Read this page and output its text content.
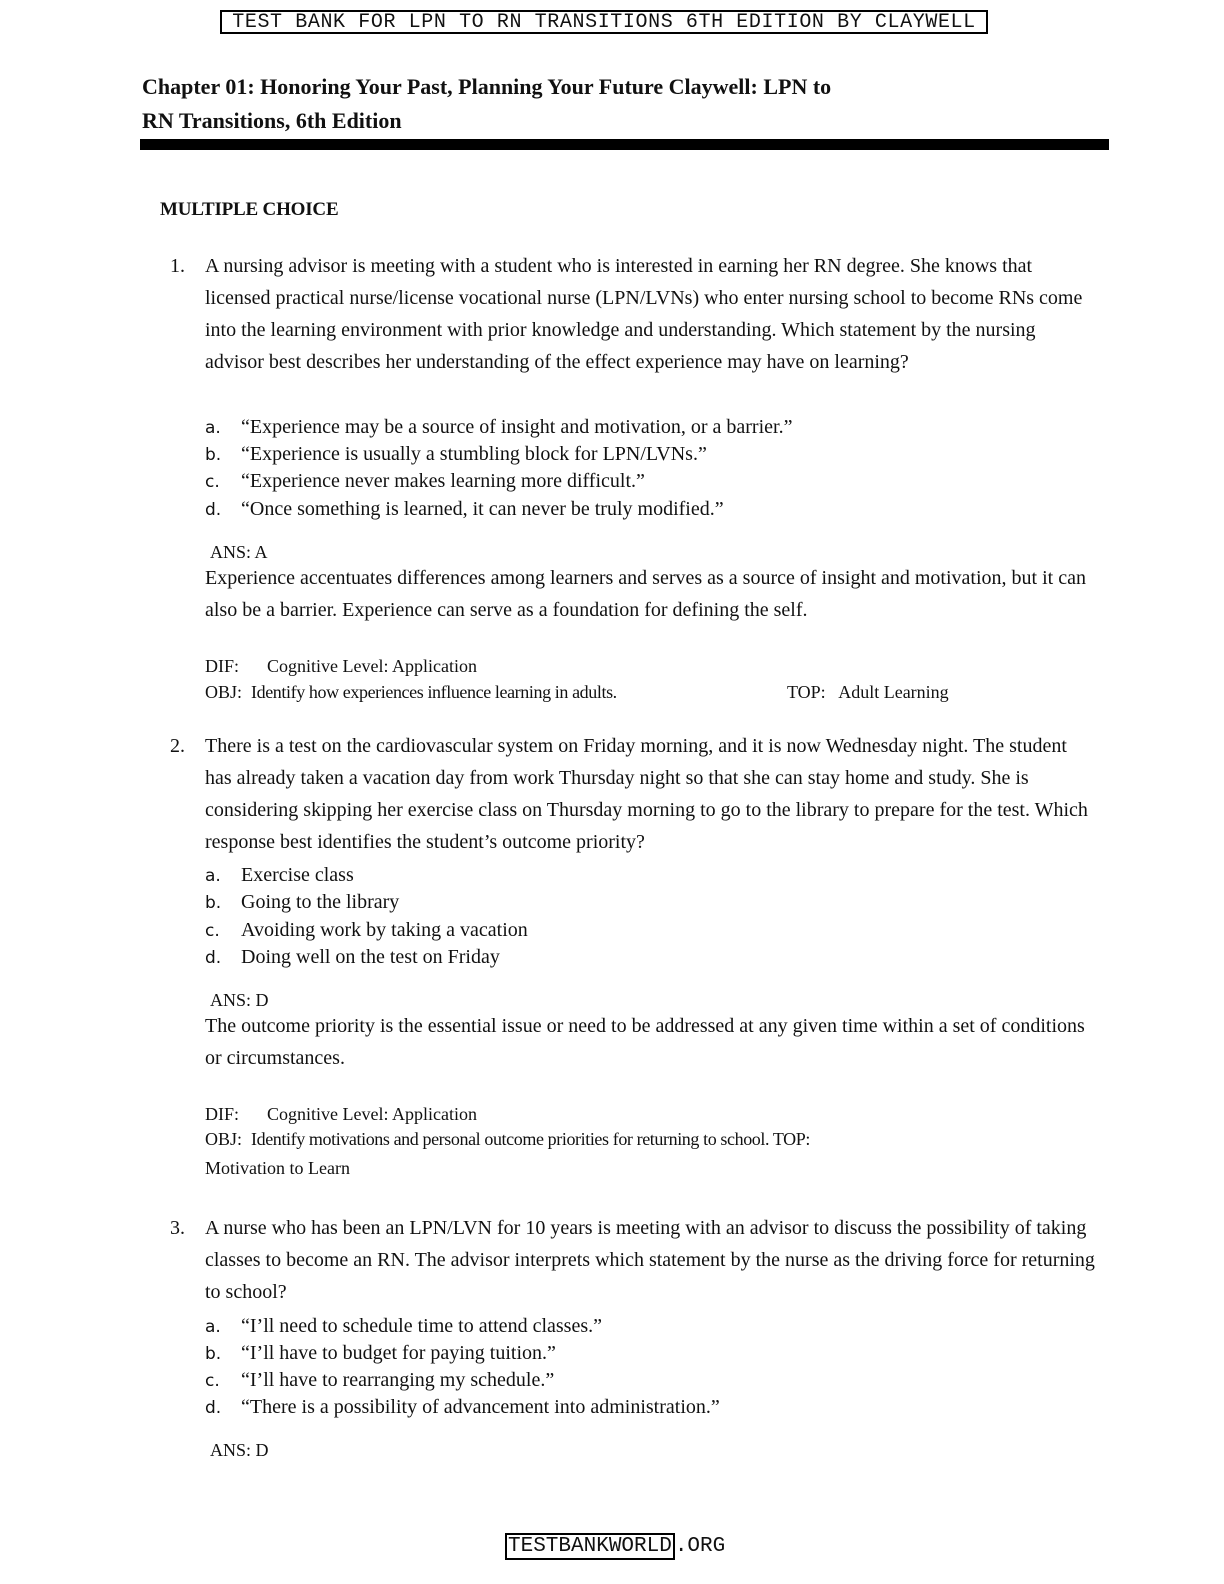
TEST BANK FOR LPN TO RN TRANSITIONS 6TH EDITION BY CLAYWELL
Chapter 01: Honoring Your Past, Planning Your Future Claywell: LPN to
RN Transitions, 6th Edition
MULTIPLE CHOICE
1. A nursing advisor is meeting with a student who is interested in earning her RN degree. She knows that licensed practical nurse/license vocational nurse (LPN/LVNs) who enter nursing school to become RNs come into the learning environment with prior knowledge and understanding. Which statement by the nursing advisor best describes her understanding of the effect experience may have on learning?

a. “Experience may be a source of insight and motivation, or a barrier.”
b. “Experience is usually a stumbling block for LPN/LVNs.”
c. “Experience never makes learning more difficult.”
d. “Once something is learned, it can never be truly modified.”
ANS: A

Experience accentuates differences among learners and serves as a source of insight and motivation, but it can also be a barrier. Experience can serve as a foundation for defining the self.

DIF: Cognitive Level: Application
OBJ: Identify how experiences influence learning in adults.	TOP: Adult Learning
2. There is a test on the cardiovascular system on Friday morning, and it is now Wednesday night. The student has already taken a vacation day from work Thursday night so that she can stay home and study. She is considering skipping her exercise class on Thursday morning to go to the library to prepare for the test. Which response best identifies the student’s outcome priority?

a. Exercise class
b. Going to the library
c. Avoiding work by taking a vacation
d. Doing well on the test on Friday
ANS: D

The outcome priority is the essential issue or need to be addressed at any given time within a set of conditions or circumstances.

DIF: Cognitive Level: Application
OBJ: Identify motivations and personal outcome priorities for returning to school. TOP:
Motivation to Learn
3. A nurse who has been an LPN/LVN for 10 years is meeting with an advisor to discuss the possibility of taking classes to become an RN. The advisor interprets which statement by the nurse as the driving force for returning to school?

a. “I’ll need to schedule time to attend classes.”
b. “I’ll have to budget for paying tuition.”
c. “I’ll have to rearranging my schedule.”
d. “There is a possibility of advancement into administration.”
ANS: D
TESTBANKWORLD .ORG
